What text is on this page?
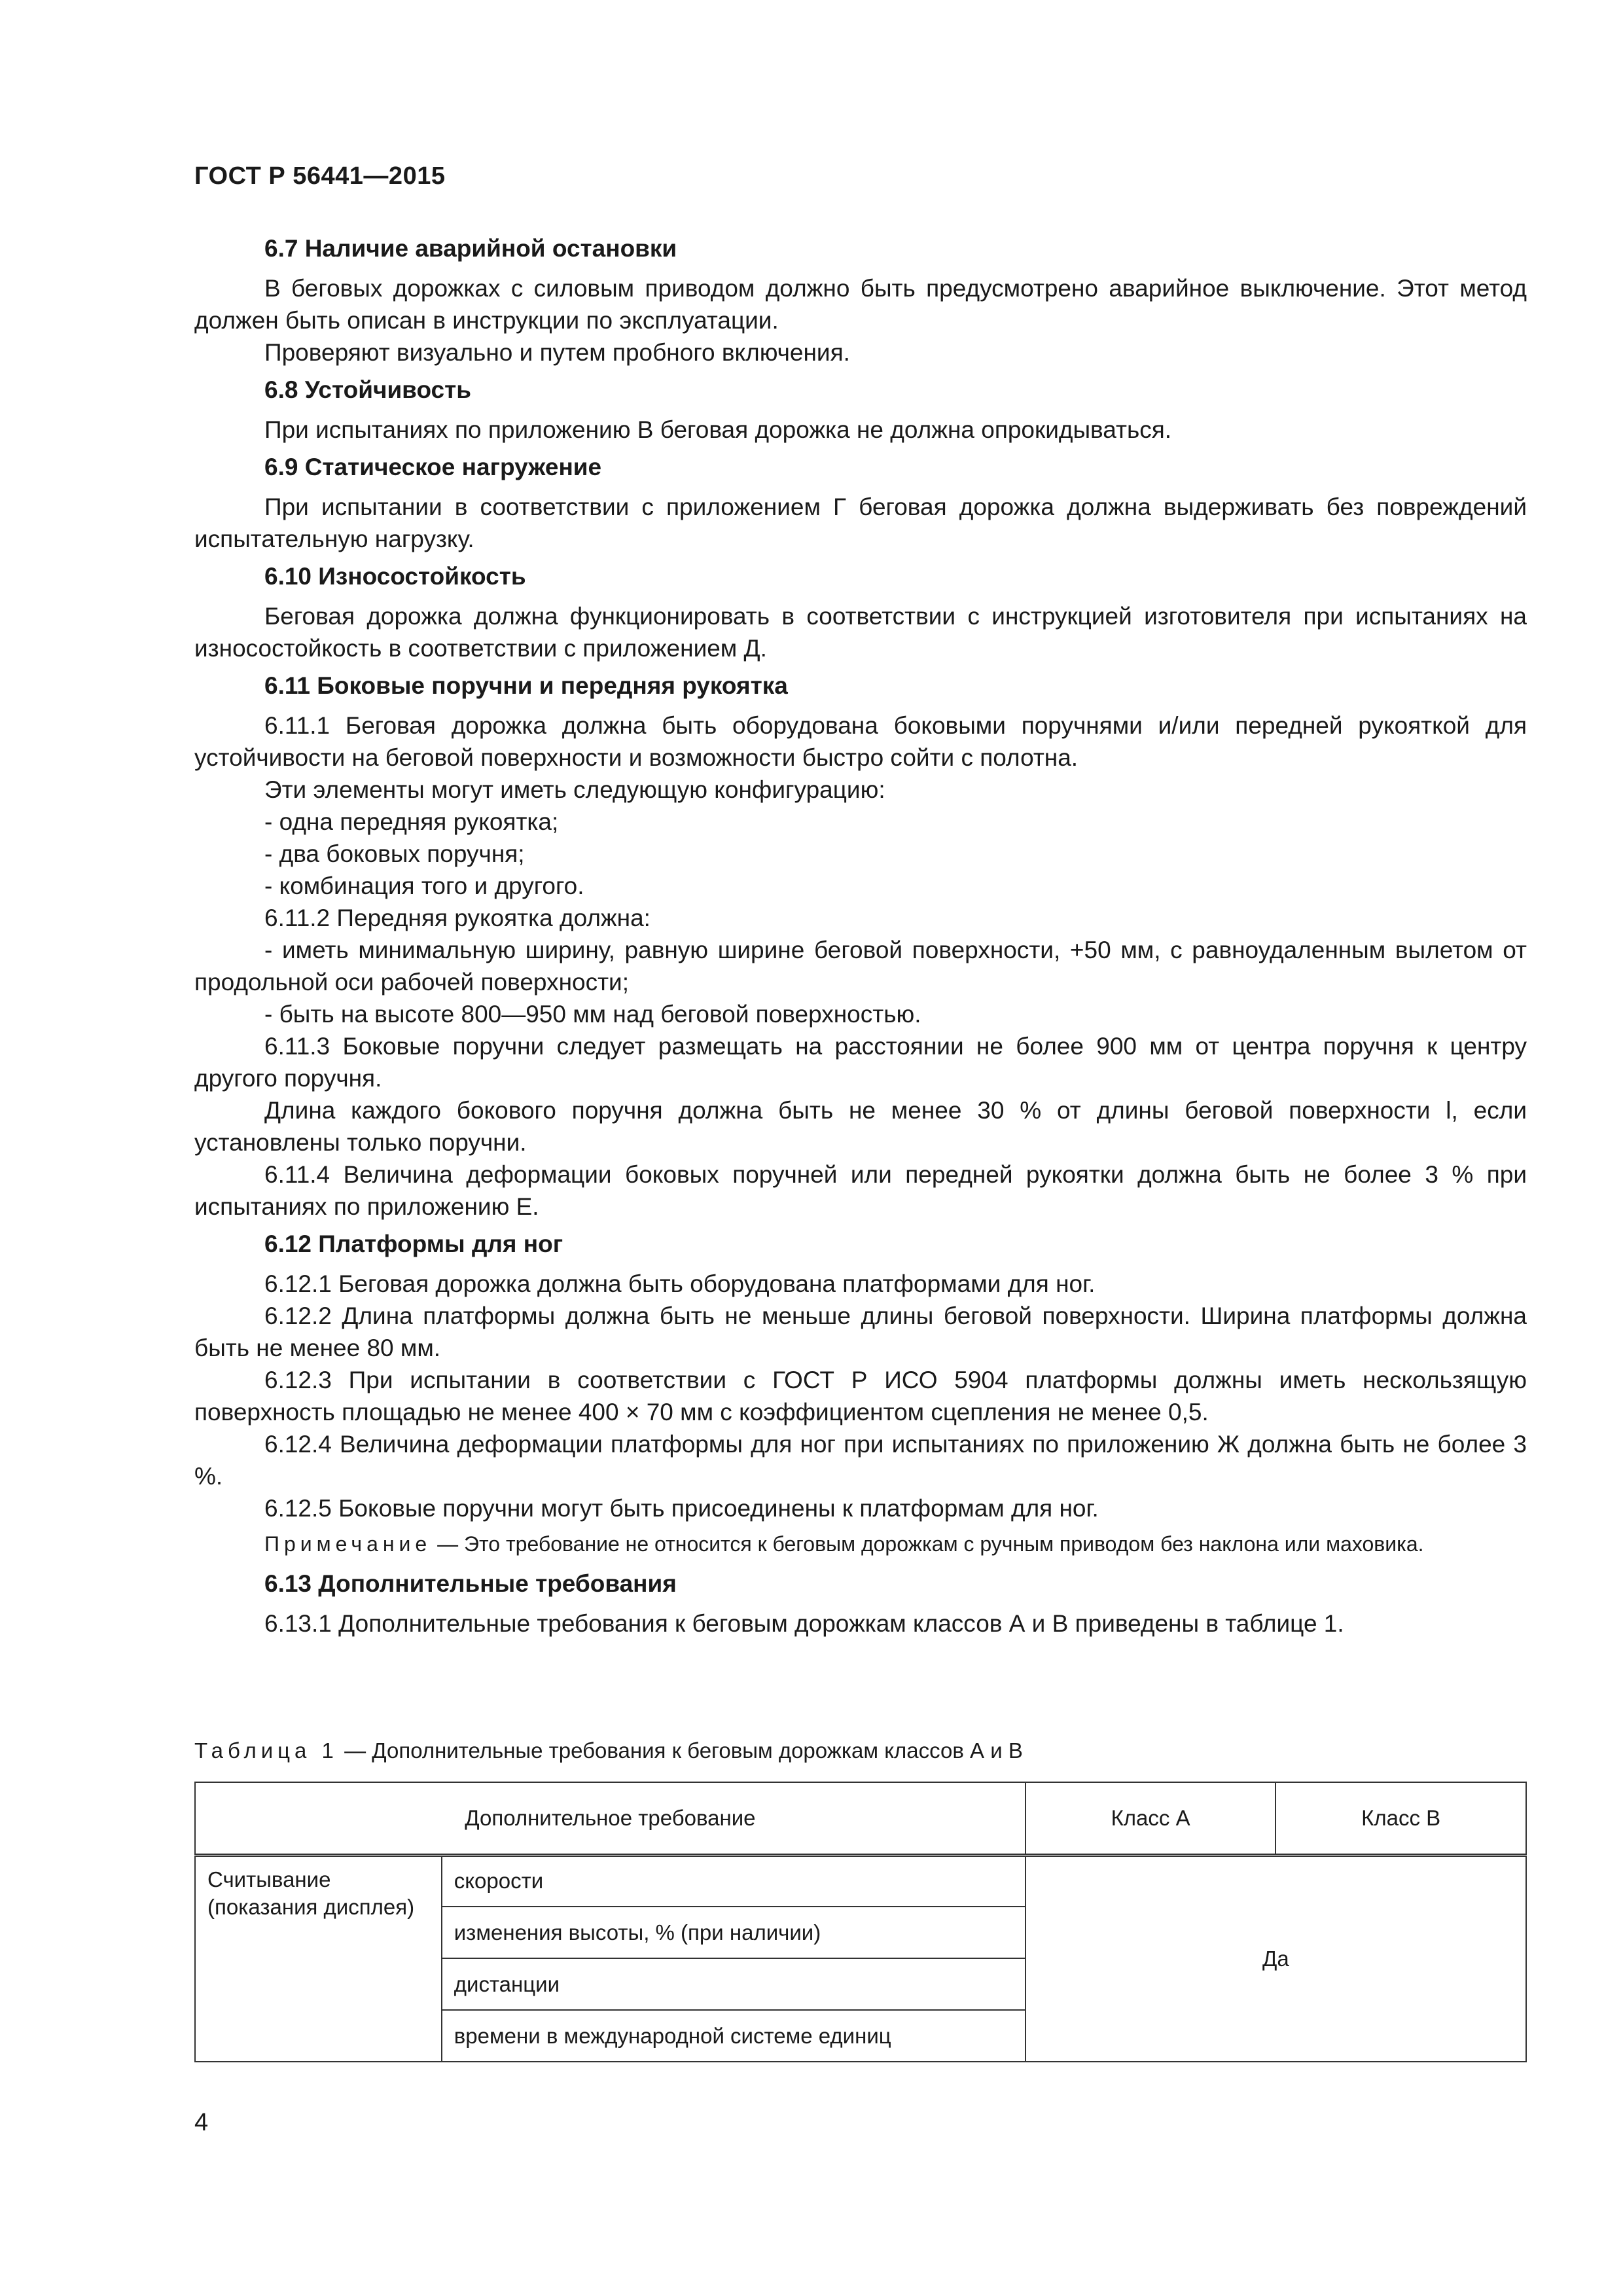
ГОСТ Р 56441—2015
6.7 Наличие аварийной остановки
В беговых дорожках с силовым приводом должно быть предусмотрено аварийное выключение. Этот метод должен быть описан в инструкции по эксплуатации.
Проверяют визуально и путем пробного включения.
6.8 Устойчивость
При испытаниях по приложению В беговая дорожка не должна опрокидываться.
6.9 Статическое нагружение
При испытании в соответствии с приложением Г беговая дорожка должна выдерживать без повреждений испытательную нагрузку.
6.10 Износостойкость
Беговая дорожка должна функционировать в соответствии с инструкцией изготовителя при испытаниях на износостойкость в соответствии с приложением Д.
6.11 Боковые поручни и передняя рукоятка
6.11.1 Беговая дорожка должна быть оборудована боковыми поручнями и/или передней рукояткой для устойчивости на беговой поверхности и возможности быстро сойти с полотна.
Эти элементы могут иметь следующую конфигурацию:
- одна передняя рукоятка;
- два боковых поручня;
- комбинация того и другого.
6.11.2 Передняя рукоятка должна:
- иметь минимальную ширину, равную ширине беговой поверхности, +50 мм, с равноудаленным вылетом от продольной оси рабочей поверхности;
- быть на высоте 800—950 мм над беговой поверхностью.
6.11.3 Боковые поручни следует размещать на расстоянии не более 900 мм от центра поручня к центру другого поручня.
Длина каждого бокового поручня должна быть не менее 30 % от длины беговой поверхности l, если установлены только поручни.
6.11.4 Величина деформации боковых поручней или передней рукоятки должна быть не более 3 % при испытаниях по приложению Е.
6.12 Платформы для ног
6.12.1 Беговая дорожка должна быть оборудована платформами для ног.
6.12.2 Длина платформы должна быть не меньше длины беговой поверхности. Ширина платформы должна быть не менее 80 мм.
6.12.3 При испытании в соответствии с ГОСТ Р ИСО 5904 платформы должны иметь нескользящую поверхность площадью не менее 400 × 70 мм с коэффициентом сцепления не менее 0,5.
6.12.4 Величина деформации платформы для ног при испытаниях по приложению Ж должна быть не более 3 %.
6.12.5 Боковые поручни могут быть присоединены к платформам для ног.
Примечание — Это требование не относится к беговым дорожкам с ручным приводом без наклона или маховика.
6.13 Дополнительные требования
6.13.1 Дополнительные требования к беговым дорожкам классов А и В приведены в таблице 1.
Таблица 1 — Дополнительные требования к беговым дорожкам классов А и В
Дополнительное требование		Класс А	Класс В
Считывание (показания дисплея)	скорости	Да	
	изменения высоты, % (при наличии)		
	дистанции		
	времени в международной системе единиц		
4
